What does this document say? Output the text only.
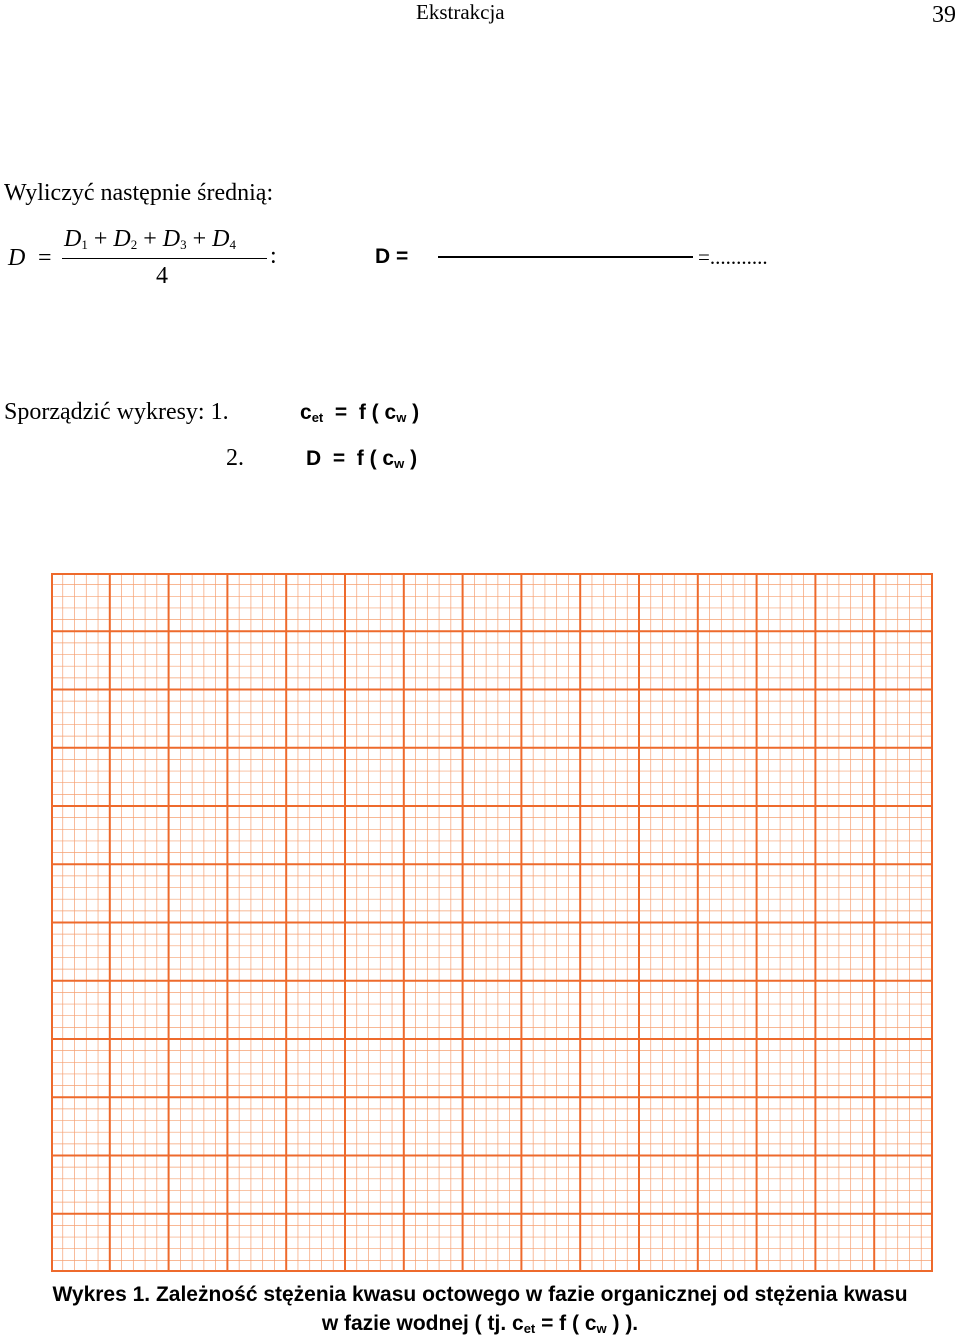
Ekstrakcja	39
Wyliczyć następnie średnią:
D =
$D_1 + D_2 + D_3 + D_4$
4
:	D =	=...........
Sporządzić wykresy: 1.	$c_{et} = f$ ( $c_w$ )
2.	D = f ( $c_w$ )
Wykres 1. Zależność stężenia kwasu octowego w fazie organicznej od stężenia kwasu
w fazie wodnej ( tj. $c_{et} = f$ ( $c_w$ ) ).
